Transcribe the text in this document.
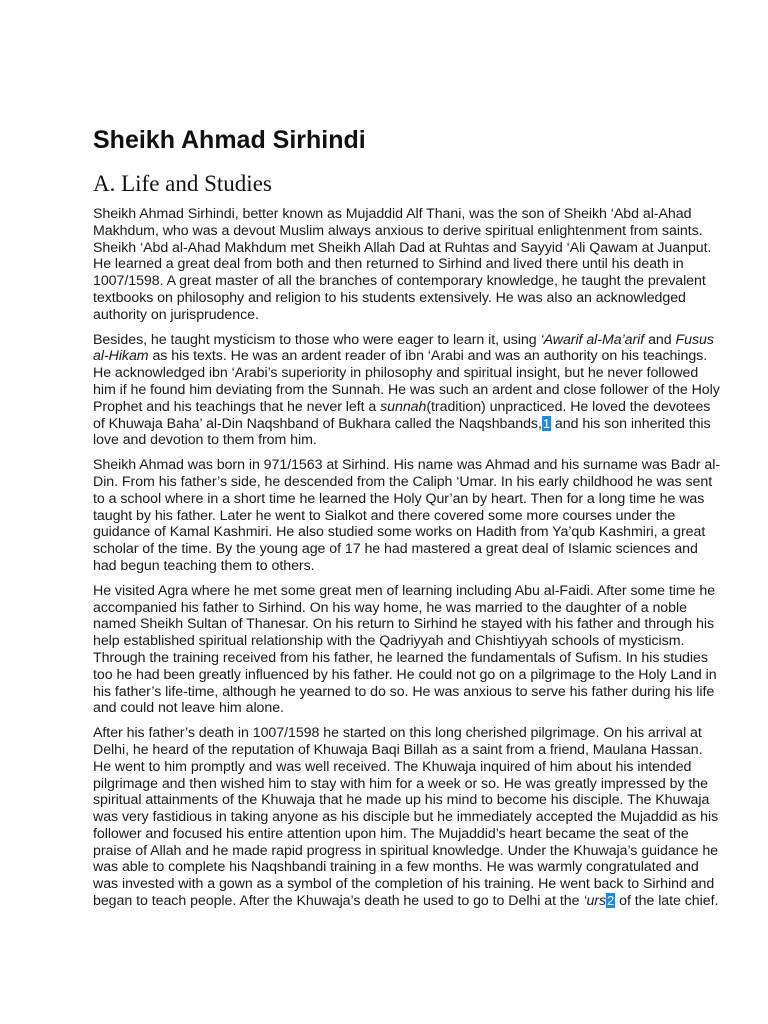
Sheikh Ahmad Sirhindi
A. Life and Studies

Sheikh Ahmad Sirhindi, better known as Mujaddid Alf Thani, was the son of Sheikh ‘Abd al-Ahad Makhdum, who was a devout Muslim always anxious to derive spiritual enlightenment from saints. Sheikh ‘Abd al-Ahad Makhdum met Sheikh Allah Dad at Ruhtas and Sayyid ‘Ali Qawam at Juanput. He learned a great deal from both and then returned to Sirhind and lived there until his death in 1007/1598. A great master of all the branches of contemporary knowledge, he taught the prevalent textbooks on philosophy and religion to his students extensively. He was also an acknowledged authority on jurisprudence.

Besides, he taught mysticism to those who were eager to learn it, using ‘Awarif al-Ma’arif and Fusus al-Hikam as his texts. He was an ardent reader of ibn ‘Arabi and was an authority on his teachings. He acknowledged ibn ‘Arabi’s superiority in philosophy and spiritual insight, but he never followed him if he found him deviating from the Sunnah. He was such an ardent and close follower of the Holy Prophet and his teachings that he never left a sunnah(tradition) unpracticed. He loved the devotees of Khuwaja Baha’ al-Din Naqshband of Bukhara called the Naqshbands,1 and his son inherited this love and devotion to them from him.

Sheikh Ahmad was born in 971/1563 at Sirhind. His name was Ahmad and his surname was Badr al-Din. From his father’s side, he descended from the Caliph ‘Umar. In his early childhood he was sent to a school where in a short time he learned the Holy Qur’an by heart. Then for a long time he was taught by his father. Later he went to Sialkot and there covered some more courses under the guidance of Kamal Kashmiri. He also studied some works on Hadith from Ya’qub Kashmiri, a great scholar of the time. By the young age of 17 he had mastered a great deal of Islamic sciences and had begun teaching them to others.

He visited Agra where he met some great men of learning including Abu al-Faidi. After some time he accompanied his father to Sirhind. On his way home, he was married to the daughter of a noble named Sheikh Sultan of Thanesar. On his return to Sirhind he stayed with his father and through his help established spiritual relationship with the Qadriyyah and Chishtiyyah schools of mysticism. Through the training received from his father, he learned the fundamentals of Sufism. In his studies too he had been greatly influenced by his father. He could not go on a pilgrimage to the Holy Land in his father’s life-time, although he yearned to do so. He was anxious to serve his father during his life and could not leave him alone.

After his father’s death in 1007/1598 he started on this long cherished pilgrimage. On his arrival at Delhi, he heard of the reputation of Khuwaja Baqi Billah as a saint from a friend, Maulana Hassan. He went to him promptly and was well received. The Khuwaja inquired of him about his intended pilgrimage and then wished him to stay with him for a week or so. He was greatly impressed by the spiritual attainments of the Khuwaja that he made up his mind to become his disciple. The Khuwaja was very fastidious in taking anyone as his disciple but he immediately accepted the Mujaddid as his follower and focused his entire attention upon him. The Mujaddid’s heart became the seat of the praise of Allah and he made rapid progress in spiritual knowledge. Under the Khuwaja’s guidance he was able to complete his Naqshbandi training in a few months. He was warmly congratulated and was invested with a gown as a symbol of the completion of his training. He went back to Sirhind and began to teach people. After the Khuwaja’s death he used to go to Delhi at the ‘urs2 of the late chief.
